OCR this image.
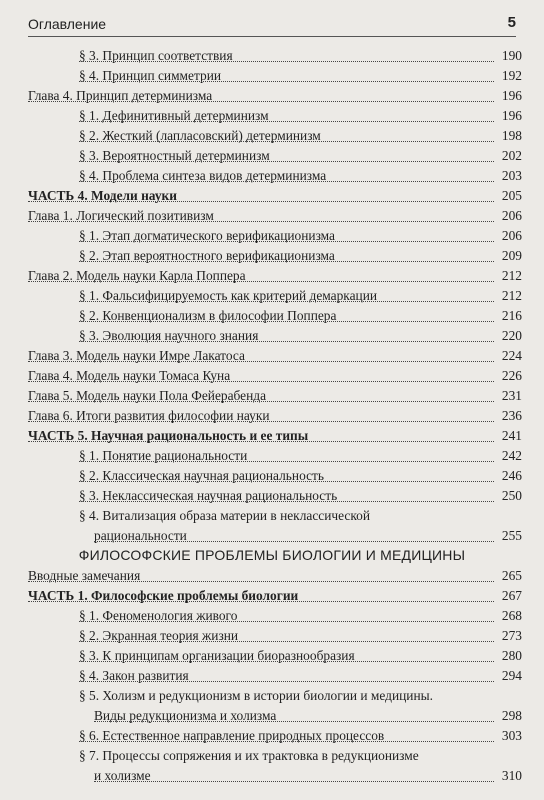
Оглавление	5
§ 3. Принцип соответствия	190
§ 4. Принцип симметрии	192
Глава 4. Принцип детерминизма	196
§ 1. Дефинитивный детерминизм	196
§ 2. Жесткий (лапласовский) детерминизм	198
§ 3. Вероятностный детерминизм	202
§ 4. Проблема синтеза видов детерминизма	203
ЧАСТЬ 4. Модели науки	205
Глава 1. Логический позитивизм	206
§ 1. Этап догматического верификационизма	206
§ 2. Этап вероятностного верификационизма	209
Глава 2. Модель науки Карла Поппера	212
§ 1. Фальсифицируемость как критерий демаркации	212
§ 2. Конвенционализм в философии Поппера	216
§ 3. Эволюция научного знания	220
Глава 3. Модель науки Имре Лакатоса	224
Глава 4. Модель науки Томаса Куна	226
Глава 5. Модель науки Пола Фейерабенда	231
Глава 6. Итоги развития философии науки	236
ЧАСТЬ 5. Научная рациональность и ее типы	241
§ 1. Понятие рациональности	242
§ 2. Классическая научная рациональность	246
§ 3. Неклассическая научная рациональность	250
§ 4. Витализация образа материи в неклассической
рациональности	255
Вводные замечания	265
ЧАСТЬ 1. Философские проблемы биологии	267
§ 1. Феноменология живого	268
§ 2. Экранная теория жизни	273
§ 3. К принципам организации биоразнообразия	280
§ 4. Закон развития	294
§ 5. Холизм и редукционизм в истории биологии и медицины.
Виды редукционизма и холизма	298
§ 6. Естественное направление природных процессов	303
§ 7. Процессы сопряжения и их трактовка в редукционизме
и холизме	310
ФИЛОСОФСКИЕ ПРОБЛЕМЫ БИОЛОГИИ И МЕДИЦИНЫ
